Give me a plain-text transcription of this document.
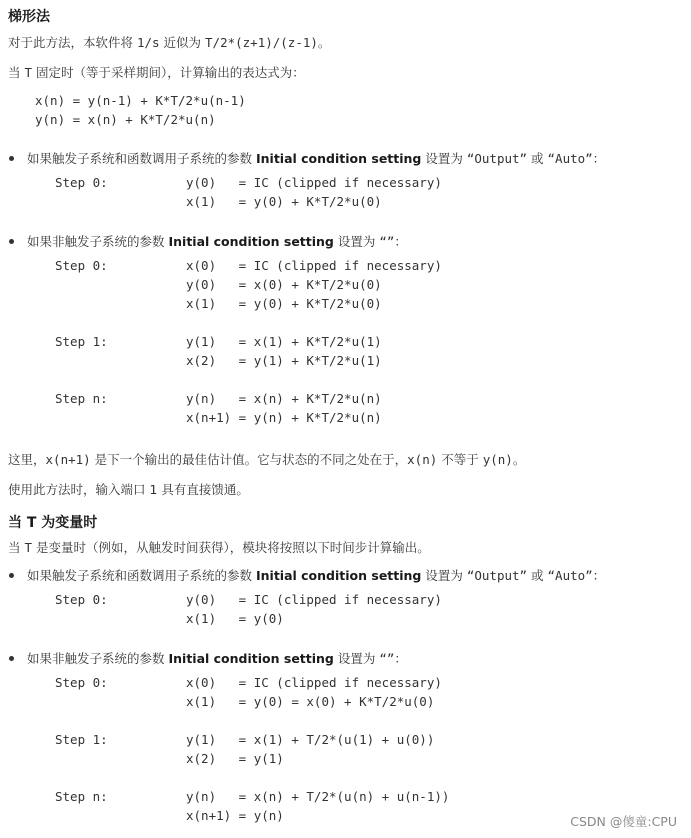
梯形法
对于此方法，本软件将 1/s 近似为 T/2*(z+1)/(z-1)。
当 T 固定时（等于采样期间），计算输出的表达式为：
x(n) = y(n-1) + K*T/2*u(n-1)
y(n) = x(n) + K*T/2*u(n)
如果触发子系统和函数调用子系统的参数 Initial condition setting 设置为 “Output” 或 “Auto”：
Step 0:	y(0)   = IC (clipped if necessary)
x(1)   = y(0) + K*T/2*u(0)
如果非触发子系统的参数 Initial condition setting 设置为 “”：
Step 0:	x(0)   = IC (clipped if necessary)
y(0)   = x(0) + K*T/2*u(0)
x(1)   = y(0) + K*T/2*u(0)
Step 1:	y(1)   = x(1) + K*T/2*u(1)
x(2)   = y(1) + K*T/2*u(1)
Step n:	y(n)   = x(n) + K*T/2*u(n)
x(n+1) = y(n) + K*T/2*u(n)
这里，x(n+1) 是下一个输出的最佳估计值。它与状态的不同之处在于，x(n) 不等于 y(n)。
使用此方法时，输入端口 1 具有直接馈通。
当 T 为变量时
当 T 是变量时（例如，从触发时间获得），模块将按照以下时间步计算输出。
如果触发子系统和函数调用子系统的参数 Initial condition setting 设置为 “Output” 或 “Auto”：
Step 0:	y(0)   = IC (clipped if necessary)
x(1)   = y(0)
如果非触发子系统的参数 Initial condition setting 设置为 “”：
Step 0:	x(0)   = IC (clipped if necessary)
x(1)   = y(0) = x(0) + K*T/2*u(0)
Step 1:	y(1)   = x(1) + T/2*(u(1) + u(0))
x(2)   = y(1)
Step n:	y(n)   = x(n) + T/2*(u(n) + u(n-1))
x(n+1) = y(n)	CSDN @傻童:CPU
